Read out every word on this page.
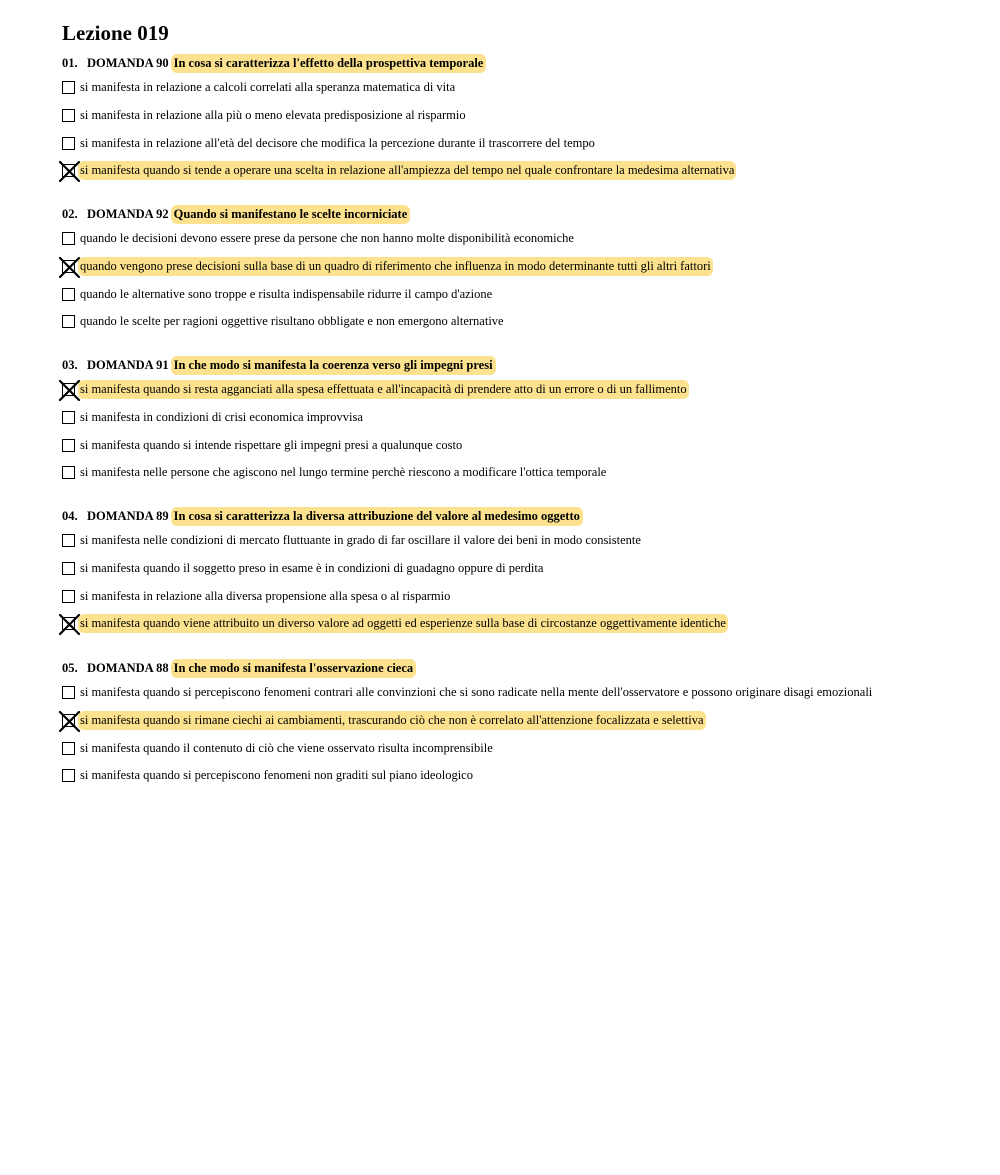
Lezione 019
01. DOMANDA 90 In cosa si caratterizza l'effetto della prospettiva temporale
si manifesta in relazione a calcoli correlati alla speranza matematica di vita
si manifesta in relazione alla più o meno elevata predisposizione al risparmio
si manifesta in relazione all'età del decisore che modifica la percezione durante il trascorrere del tempo
si manifesta quando si tende a operare una scelta in relazione all'ampiezza del tempo nel quale confrontare la medesima alternativa
02. DOMANDA 92 Quando si manifestano le scelte incorniciate
quando le decisioni devono essere prese da persone che non hanno molte disponibilità economiche
quando vengono prese decisioni sulla base di un quadro di riferimento che influenza in modo determinante tutti gli altri fattori
quando le alternative sono troppe e risulta indispensabile ridurre il campo d'azione
quando le scelte per ragioni oggettive risultano obbligate e non emergono alternative
03. DOMANDA 91 In che modo si manifesta la coerenza verso gli impegni presi
si manifesta quando si resta agganciati alla spesa effettuata e all'incapacità di prendere atto di un errore o di un fallimento
si manifesta in condizioni di crisi economica improvvisa
si manifesta quando si intende rispettare gli impegni presi a qualunque costo
si manifesta nelle persone che agiscono nel lungo termine perchè riescono a modificare l'ottica temporale
04. DOMANDA 89 In cosa si caratterizza la diversa attribuzione del valore al medesimo oggetto
si manifesta nelle condizioni di mercato fluttuante in grado di far oscillare il valore dei beni in modo consistente
si manifesta quando il soggetto preso in esame è in condizioni di guadagno oppure di perdita
si manifesta in relazione alla diversa propensione alla spesa o al risparmio
si manifesta quando viene attribuito un diverso valore ad oggetti ed esperienze sulla base di circostanze oggettivamente identiche
05. DOMANDA 88 In che modo si manifesta l'osservazione cieca
si manifesta quando si percepiscono fenomeni contrari alle convinzioni che si sono radicate nella mente dell'osservatore e possono originare disagi emozionali
si manifesta quando si rimane ciechi ai cambiamenti, trascurando ciò che non è correlato all'attenzione focalizzata e selettiva
si manifesta quando il contenuto di ciò che viene osservato risulta incomprensibile
si manifesta quando si percepiscono fenomeni non graditi sul piano ideologico
